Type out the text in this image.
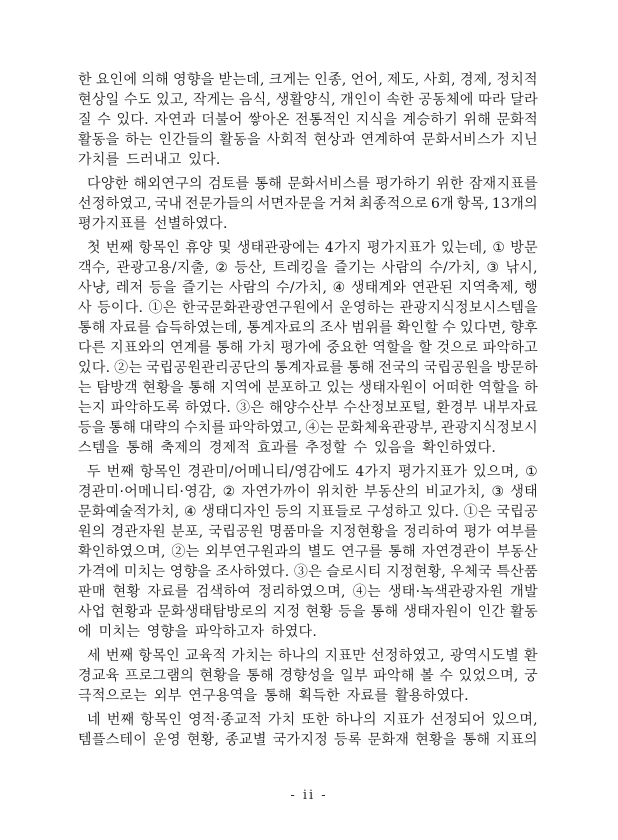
한 요인에 의해 영향을 받는데, 크게는 인종, 언어, 제도, 사회, 경제, 정치적
현상일 수도 있고, 작게는 음식, 생활양식, 개인이 속한 공동체에 따라 달라
질 수 있다. 자연과 더불어 쌓아온 전통적인 지식을 계승하기 위해 문화적
활동을 하는 인간들의 활동을 사회적 현상과 연계하여 문화서비스가 지닌
가치를 드러내고 있다.
다양한 해외연구의 검토를 통해 문화서비스를 평가하기 위한 잠재지표를
선정하였고, 국내 전문가들의 서면자문을 거쳐 최종적으로 6개 항목, 13개의
평가지표를 선별하였다.
첫 번째 항목인 휴양 및 생태관광에는 4가지 평가지표가 있는데, ① 방문
객수, 관광고용/지출, ② 등산, 트레킹을 즐기는 사람의 수/가치, ③ 낚시,
사냥, 레저 등을 즐기는 사람의 수/가치, ④ 생태계와 연관된 지역축제, 행
사 등이다. ①은 한국문화관광연구원에서 운영하는 관광지식정보시스템을
통해 자료를 습득하였는데, 통계자료의 조사 범위를 확인할 수 있다면, 향후
다른 지표와의 연계를 통해 가치 평가에 중요한 역할을 할 것으로 파악하고
있다. ②는 국립공원관리공단의 통계자료를 통해 전국의 국립공원을 방문하
는 탐방객 현황을 통해 지역에 분포하고 있는 생태자원이 어떠한 역할을 하
는지 파악하도록 하였다. ③은 해양수산부 수산정보포털, 환경부 내부자료
등을 통해 대략의 수치를 파악하였고, ④는 문화체육관광부, 관광지식정보시
스템을 통해 축제의 경제적 효과를 추정할 수 있음을 확인하였다.
두 번째 항목인 경관미/어메니티/영감에도 4가지 평가지표가 있으며, ①
경관미·어메니티·영감, ② 자연가까이 위치한 부동산의 비교가치, ③ 생태
문화예술적가치, ④ 생태디자인 등의 지표들로 구성하고 있다. ①은 국립공
원의 경관자원 분포, 국립공원 명품마을 지정현황을 정리하여 평가 여부를
확인하였으며, ②는 외부연구원과의 별도 연구를 통해 자연경관이 부동산
가격에 미치는 영향을 조사하였다. ③은 슬로시티 지정현황, 우체국 특산품
판매 현황 자료를 검색하여 정리하였으며, ④는 생태·녹색관광자원 개발
사업 현황과 문화생태탐방로의 지정 현황 등을 통해 생태자원이 인간 활동
에 미치는 영향을 파악하고자 하였다.
세 번째 항목인 교육적 가치는 하나의 지표만 선정하였고, 광역시도별 환
경교육 프로그램의 현황을 통해 경향성을 일부 파악해 볼 수 있었으며, 궁
극적으로는 외부 연구용역을 통해 획득한 자료를 활용하였다.
네 번째 항목인 영적·종교적 가치 또한 하나의 지표가 선정되어 있으며,
템플스테이 운영 현황, 종교별 국가지정 등록 문화재 현황을 통해 지표의
- ii -
